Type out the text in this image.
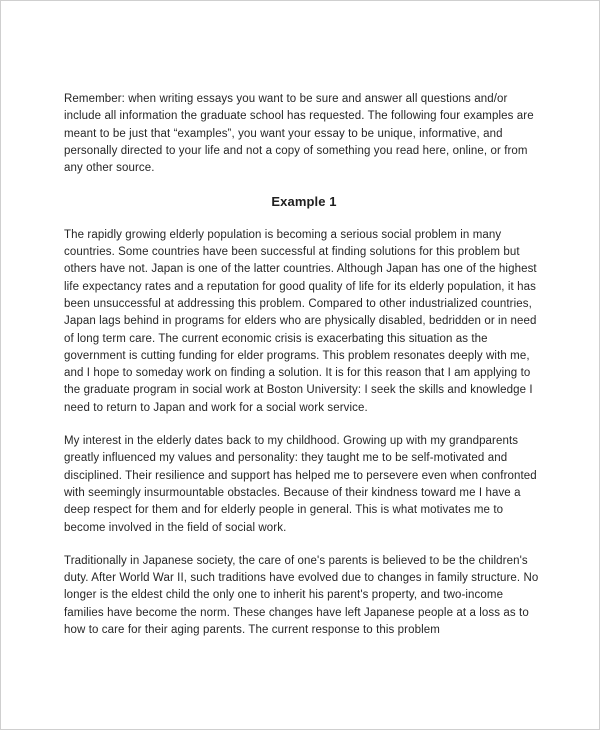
Remember: when writing essays you want to be sure and answer all questions and/or include all information the graduate school has requested. The following four examples are meant to be just that “examples”, you want your essay to be unique, informative, and personally directed to your life and not a copy of something you read here, online, or from any other source.

Example 1

The rapidly growing elderly population is becoming a serious social problem in many countries. Some countries have been successful at finding solutions for this problem but others have not. Japan is one of the latter countries. Although Japan has one of the highest life expectancy rates and a reputation for good quality of life for its elderly population, it has been unsuccessful at addressing this problem. Compared to other industrialized countries, Japan lags behind in programs for elders who are physically disabled, bedridden or in need of long term care. The current economic crisis is exacerbating this situation as the government is cutting funding for elder programs. This problem resonates deeply with me, and I hope to someday work on finding a solution. It is for this reason that I am applying to the graduate program in social work at Boston University: I seek the skills and knowledge I need to return to Japan and work for a social work service.

My interest in the elderly dates back to my childhood. Growing up with my grandparents greatly influenced my values and personality: they taught me to be self-motivated and disciplined. Their resilience and support has helped me to persevere even when confronted with seemingly insurmountable obstacles. Because of their kindness toward me I have a deep respect for them and for elderly people in general. This is what motivates me to become involved in the field of social work.

Traditionally in Japanese society, the care of one's parents is believed to be the children's duty. After World War II, such traditions have evolved due to changes in family structure. No longer is the eldest child the only one to inherit his parent's property, and two-income families have become the norm. These changes have left Japanese people at a loss as to how to care for their aging parents. The current response to this problem
